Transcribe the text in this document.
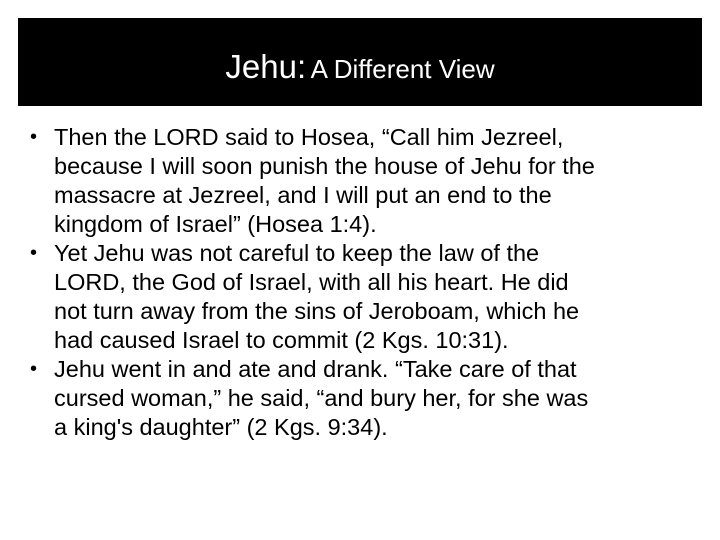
Jehu: A Different View
• Then the LORD said to Hosea, “Call him Jezreel,
because I will soon punish the house of Jehu for the
massacre at Jezreel, and I will put an end to the
kingdom of Israel” (Hosea 1:4).
• Yet Jehu was not careful to keep the law of the
LORD, the God of Israel, with all his heart. He did
not turn away from the sins of Jeroboam, which he
had caused Israel to commit (2 Kgs. 10:31).
• Jehu went in and ate and drank. “Take care of that
cursed woman,” he said, “and bury her, for she was
a king's daughter” (2 Kgs. 9:34).
